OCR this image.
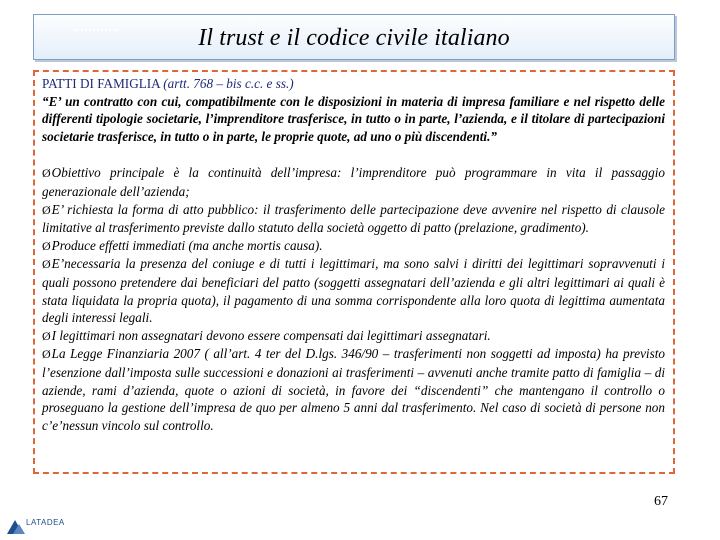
Il trust e il codice civile italiano
PATTI DI FAMIGLIA (artt. 768 – bis c.c. e ss.)

“E’ un contratto con cui, compatibilmente con le disposizioni in materia di impresa familiare e nel rispetto delle differenti tipologie societarie, l’imprenditore trasferisce, in tutto o in parte, l’azienda, e il titolare di partecipazioni societarie trasferisce, in tutto o in parte, le proprie quote, ad uno o più discendenti.”

ØObiettivo principale è la continuità dell’impresa: l’imprenditore può programmare in vita il passaggio generazionale dell’azienda;

ØE’ richiesta la forma di atto pubblico: il trasferimento delle partecipazione deve avvenire nel rispetto di clausole limitative al trasferimento previste dallo statuto della società oggetto di patto (prelazione, gradimento).

ØProduce effetti immediati (ma anche mortis causa).

ØE’necessaria la presenza del coniuge e di tutti i legittimari, ma sono salvi i diritti dei legittimari sopravvenuti i quali possono pretendere dai beneficiari del patto (soggetti assegnatari dell’azienda e gli altri legittimari ai quali è stata liquidata la propria quota), il pagamento di una somma corrispondente alla loro quota di legittima aumentata degli interessi legali.

ØI legittimari non assegnatari devono essere compensati dai legittimari assegnatari.

ØLa Legge Finanziaria 2007 ( all’art. 4 ter del D.lgs. 346/90 – trasferimenti non soggetti ad imposta) ha previsto l’esenzione dall’imposta sulle successioni e donazioni ai trasferimenti – avvenuti anche tramite patto di famiglia – di aziende, rami d’azienda, quote o azioni di società, in favore dei “discendenti” che mantengano il controllo o proseguano la gestione dell’impresa de quo per almeno 5 anni dal trasferimento. Nel caso di società di persone non c’e’nessun vincolo sul controllo.

67
LATADEA
